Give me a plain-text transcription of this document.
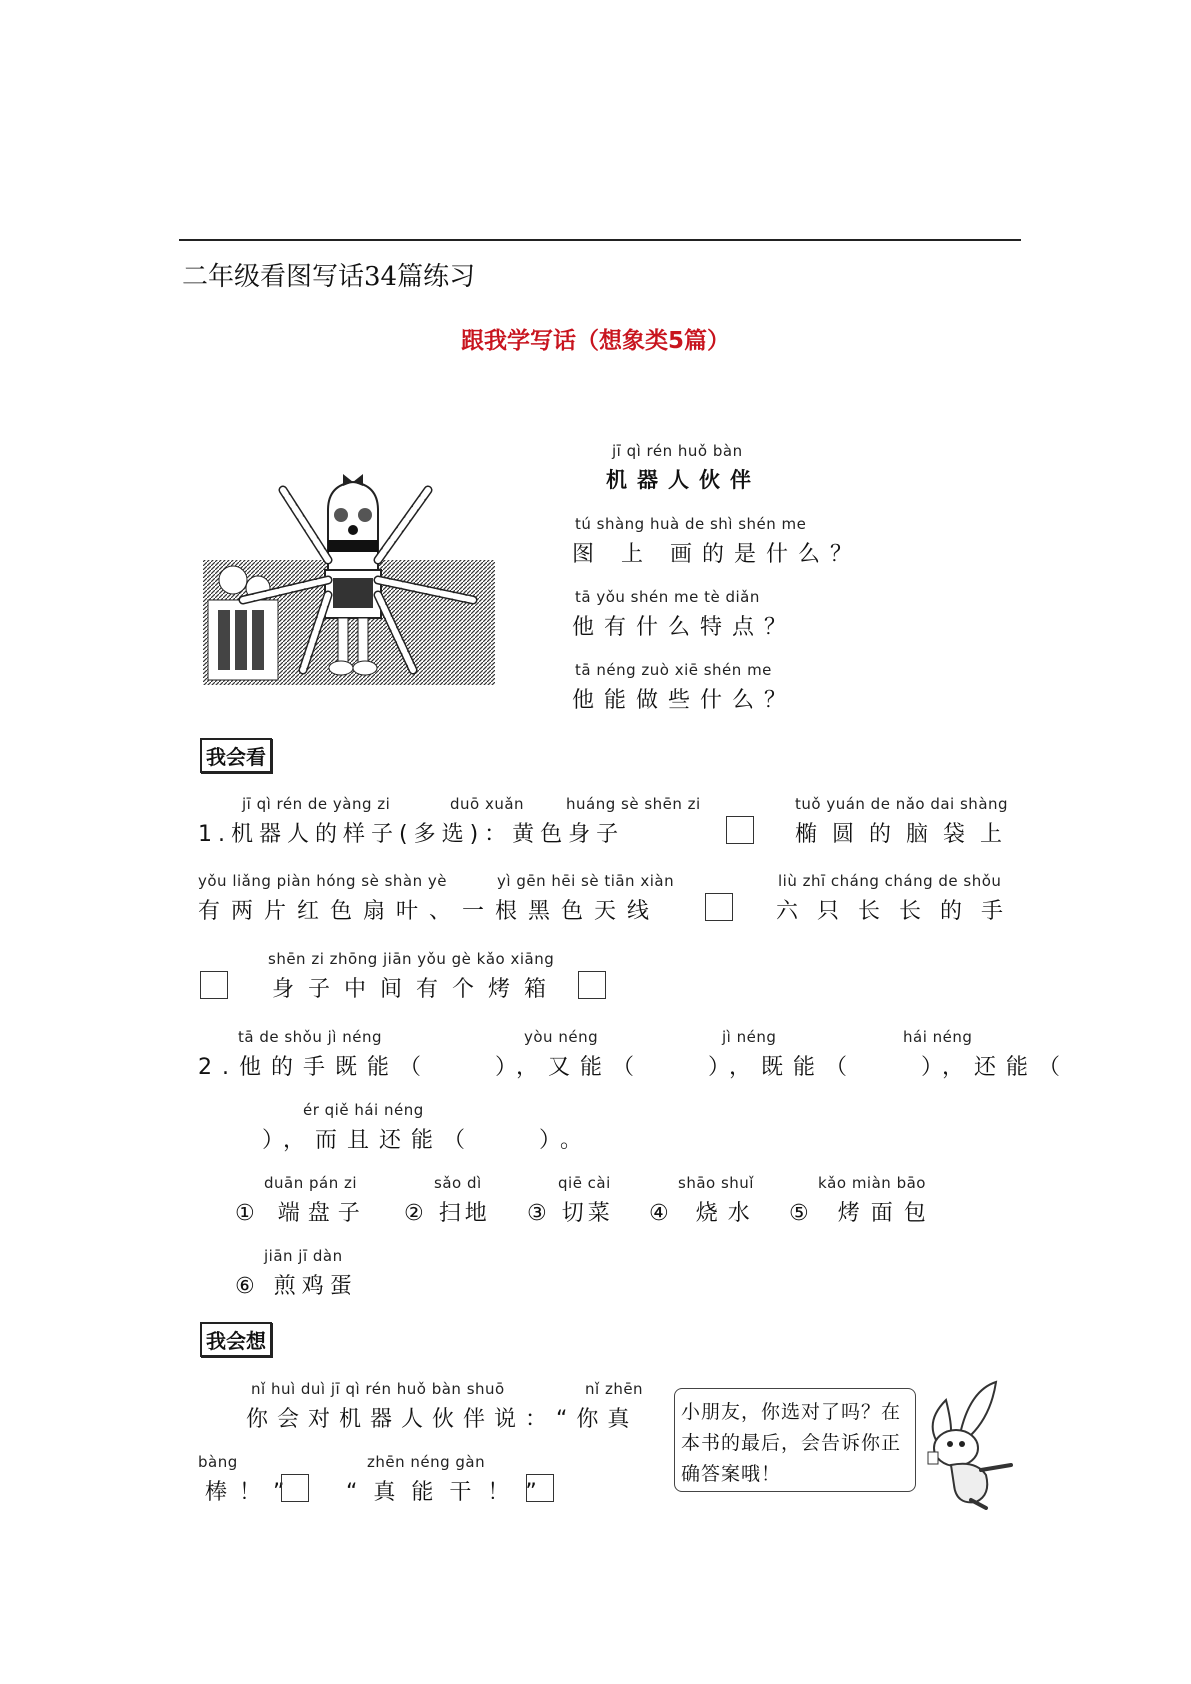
二年级看图写话34篇练习
跟我学写话（想象类5篇）
jī qì rén huǒ bàn
机器人伙伴
tú shàng huà de shì shén me
图 上 画的是什么？
tā yǒu shén me tè diǎn
他有什么特点？
tā néng zuò xiē shén me
他能做些什么？
我会看
jī qì rén de yàng zi	duō xuǎn	huáng sè shēn zi	tuǒ yuán de nǎo dai shàng
1.机器人的样子(多选)：黄色身子	椭圆的脑袋上
yǒu liǎng piàn hóng sè shàn yè	yì gēn hēi sè tiān xiàn	liù zhī cháng cháng de shǒu
有两片红色扇叶、一根黑色天线	六只长长的手
shēn zi zhōng jiān yǒu gè kǎo xiāng
身子中间有个烤箱
tā de shǒu jì néng	yòu néng	jì néng	hái néng
2.他的手既能（　　），又能（　　），既能（　　），还能（
ér qiě hái néng
），而且还能（　　）。
duān pán zi
① 端盘子
sǎo dì
② 扫地
qiē cài
③ 切菜
shāo shuǐ
④ 烧水
kǎo miàn bāo
⑤ 烤面包
jiān jī dàn
⑥ 煎鸡蛋
我会想
nǐ huì duì jī qì rén huǒ bàn shuō	nǐ zhēn
你会对机器人伙伴说：“你真
bàng	zhēn néng gàn
棒！” “真能干！”
小朋友，你选对了吗？在本书的最后，会告诉你正确答案哦！
